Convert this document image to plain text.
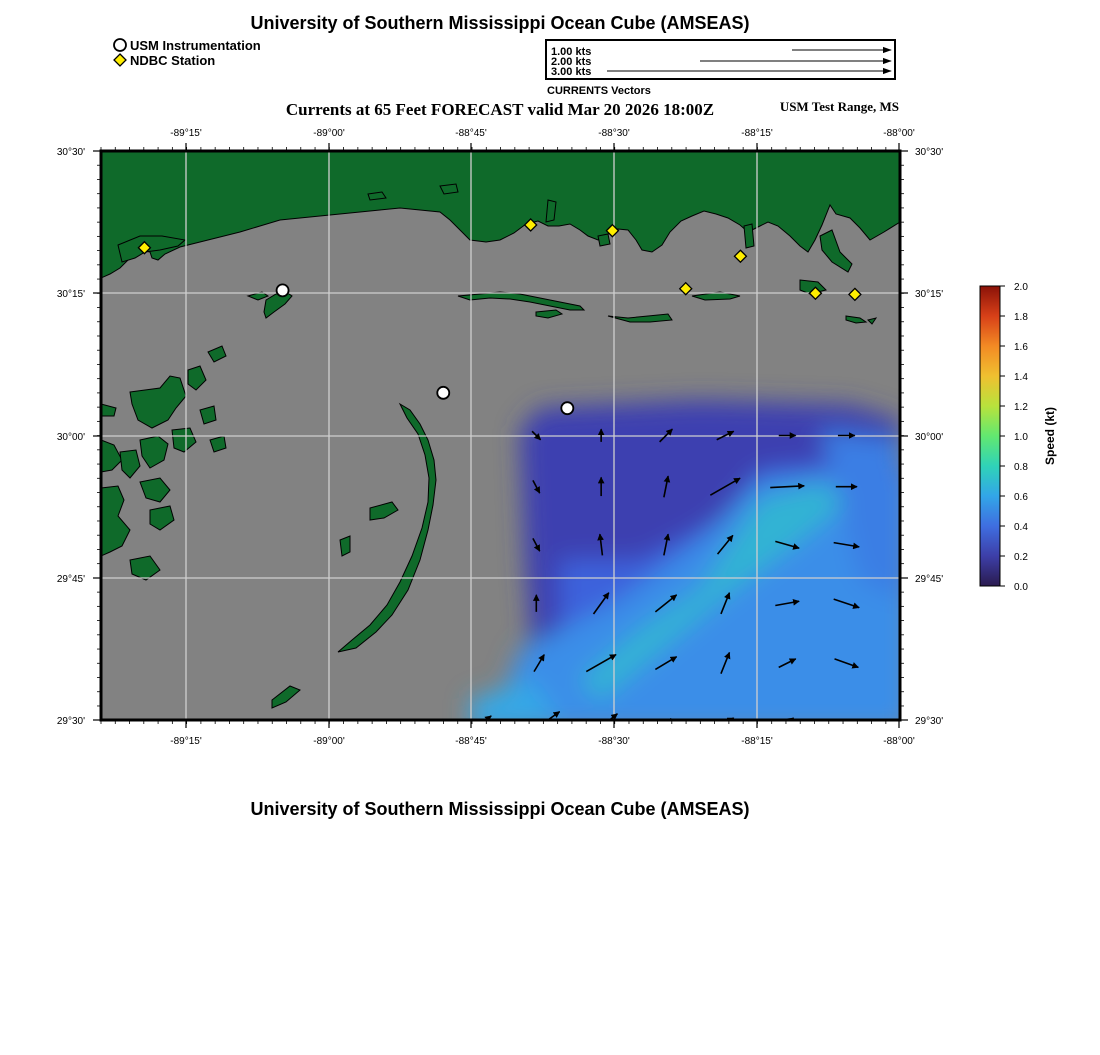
University of Southern Mississippi Ocean Cube (AMSEAS)
Currents at 65 Feet FORECAST valid Mar 20 2026 18:00Z	USM Test Range, MS
University of Southern Mississippi Ocean Cube (AMSEAS)
USM Instrumentation
NDBC Station
1.00 kts
2.00 kts
3.00 kts
CURRENTS Vectors
-89°15'	-89°00'	-88°45'	-88°30'	-88°15'	-88°00'
-89°15'	-89°00'	-88°45'	-88°30'	-88°15'	-88°00'
30°30'
30°15'
30°00'
29°45'
29°30'
30°30'
30°15'
30°00'
29°45'
29°30'
0.0
0.2
0.4
0.6
0.8
1.0
1.2
1.4
1.6
1.8
2.0
Speed (kt)
